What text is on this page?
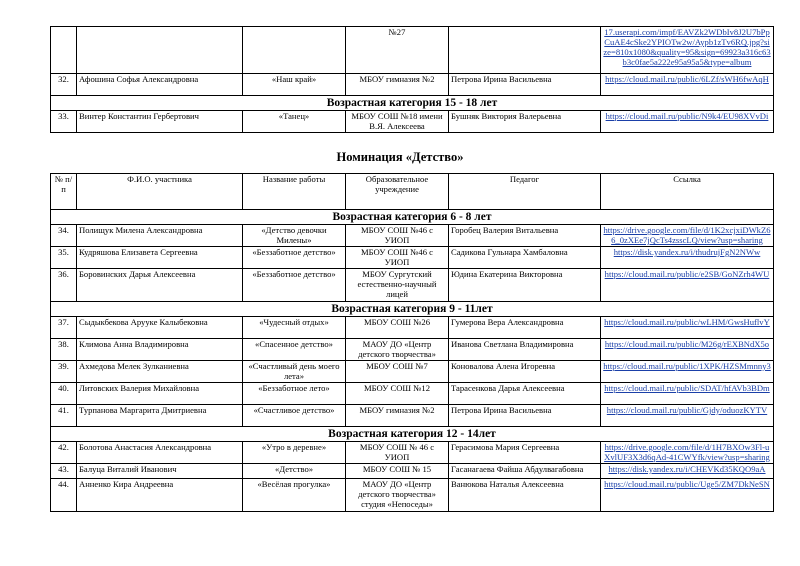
			№27		17.userapi.com/impf/EAVZk2WDbIv8J2U7bPpCuAE4cSke2YPIOTw2w/Aypb1zTv6RQ.jpg?size=810x1080&quality=95&sign=69923a316c63b3c0fae5a222e95a95a5&type=album
32.	Афошина Софья Александровна	«Наш край»	МБОУ гимназия №2	Петрова Ирина Васильевна	https://cloud.mail.ru/public/6LZf/sWH6fwAqH
Возрастная категория 15 - 18 лет					
33.	Винтер Константин Гербертович	«Танец»	МБОУ СОШ №18 имени В.Я. Алексеева	Бушняк Виктория Валерьевна	https://cloud.mail.ru/public/N9k4/EU98XVvDi
Номинация «Детство»
№ п/п	Ф.И.О. участника	Название работы	Образовательное учреждение	Педагог	Ссылка
Возрастная категория 6 - 8 лет					
34.	Полищук Милена Александровна	«Детство девочки Милены»	МБОУ СОШ №46 с УИОП	Горобец Валерия Витальевна	https://drive.google.com/file/d/1K2xcjxiDWkZ66_0zXEe7jQcTs4zsscLQ/view?usp=sharing
35.	Кудряшова Елизавета Сергеевна	«Беззаботное детство»	МБОУ СОШ №46 с УИОП	Садикова Гульнара Хамбаловна	https://disk.yandex.ru/i/thudrujFgN2NWw
36.	Боровинских Дарья Алексеевна	«Беззаботное детство»	МБОУ Сургутский естественно-научный лицей	Юдина Екатерина Викторовна	https://cloud.mail.ru/public/e2SB/GoNZrh4WU
Возрастная категория 9 - 11лет					
37.	Сыдыкбекова Арууке Калыбековна	«Чудесный отдых»	МБОУ СОШ №26	Гумерова Вера Александровна	https://cloud.mail.ru/public/wLHM/GwsHuflvY
38.	Климова Анна Владимировна	«Спасенное детство»	МАОУ ДО «Центр детского творчества»	Иванова Светлана Владимировна	https://cloud.mail.ru/public/M26g/rEXBNdX5o
39.	Ахмедова Мелек Зулканиевна	«Счастливый день моего лета»	МБОУ СОШ №7	Коновалова Алена Игоревна	https://cloud.mail.ru/public/1XPK/HZSMmnny3
40.	Литовских Валерия Михайловна	«Беззаботное лето»	МБОУ СОШ №12	Тарасенкова Дарья Алексеевна	https://cloud.mail.ru/public/SDAT/hfAVb3BDm
41.	Турпанова Маргарита Дмитриевна	«Счастливое детство»	МБОУ гимназия №2	Петрова Ирина Васильевна	https://cloud.mail.ru/public/Gjdy/oduozKYTV
Возрастная категория 12 - 14лет					
42.	Болотова Анастасия Александровна	«Утро в деревне»	МБОУ СОШ № 46 с УИОП	Герасимова Мария Сергеевна	https://drive.google.com/file/d/1H7BXOw3Fl-uXvlUF3X3d6qAd-41CWYfk/view?usp=sharing
43.	Балуца Виталий Иванович	«Детство»	МБОУ СОШ № 15	Гасанагаева Файша Абдулвагабовна	https://disk.yandex.ru/i/CHEVKd35KQO9aA
44.	Анненко Кира Андреевна	«Весёлая прогулка»	МАОУ ДО «Центр детского творчества» студия «Непоседы»	Ванюкова Наталья Алексеевна	https://cloud.mail.ru/public/Uge5/ZM7DkNeSN
